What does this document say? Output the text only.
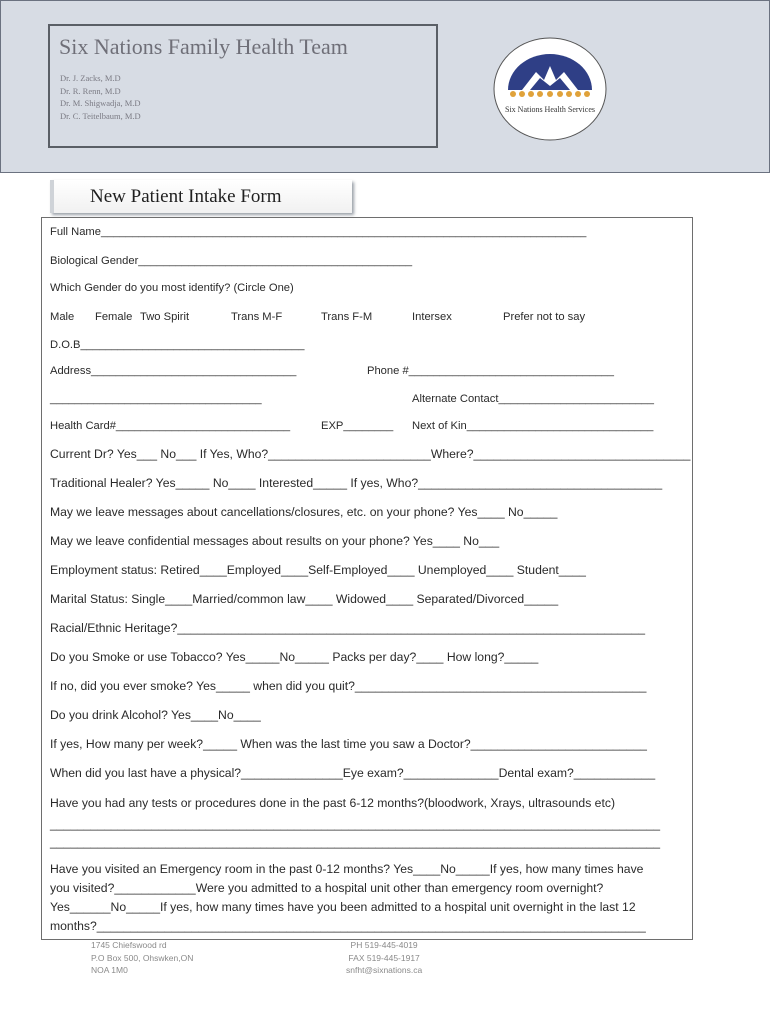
Six Nations Family Health Team
Dr. J. Zacks, M.D
Dr. R. Renn, M.D
Dr. M. Shigwadja, M.D
Dr. C. Teitelbaum, M.D
Six Nations Health Services
New Patient Intake Form
Full Name______________________________________________________________________________
Biological Gender____________________________________________
Which Gender do you most identify? (Circle One)
Male Female Two Spirit	Trans M-F	Trans F-M	Intersex	Prefer not to say
D.O.B____________________________________
Address_________________________________	Phone #_________________________________
__________________________________	Alternate Contact_________________________
Health Card#____________________________	EXP________ Next of Kin______________________________
Current Dr? Yes___ No___ If Yes, Who?________________________Where?________________________________
Traditional Healer? Yes_____ No____ Interested_____ If yes, Who?____________________________________
May we leave messages about cancellations/closures, etc. on your phone? Yes____ No_____
May we leave confidential messages about results on your phone? Yes____ No___
Employment status: Retired____Employed____Self-Employed____ Unemployed____ Student____
Marital Status: Single____Married/common law____ Widowed____ Separated/Divorced_____
Racial/Ethnic Heritage?_____________________________________________________________________
Do you Smoke or use Tobacco? Yes_____No_____ Packs per day?____ How long?_____
If no, did you ever smoke? Yes_____ when did you quit?___________________________________________
Do you drink Alcohol? Yes____No____
If yes, How many per week?_____ When was the last time you saw a Doctor?__________________________
When did you last have a physical?_______________Eye exam?______________Dental exam?____________
Have you had any tests or procedures done in the past 6-12 months?(bloodwork, Xrays, ultrasounds etc)
__________________________________________________________________________________________
__________________________________________________________________________________________
Have you visited an Emergency room in the past 0-12 months? Yes____No_____If yes, how many times have
you visited?____________Were you admitted to a hospital unit other than emergency room overnight?
Yes______No_____If yes, how many times have you been admitted to a hospital unit overnight in the last 12
months?_________________________________________________________________________________
1745 Chiefswood rd
P.O Box 500, Ohswken,ON
NOA 1M0
PH 519-445-4019
FAX 519-445-1917
snfht@sixnations.ca
